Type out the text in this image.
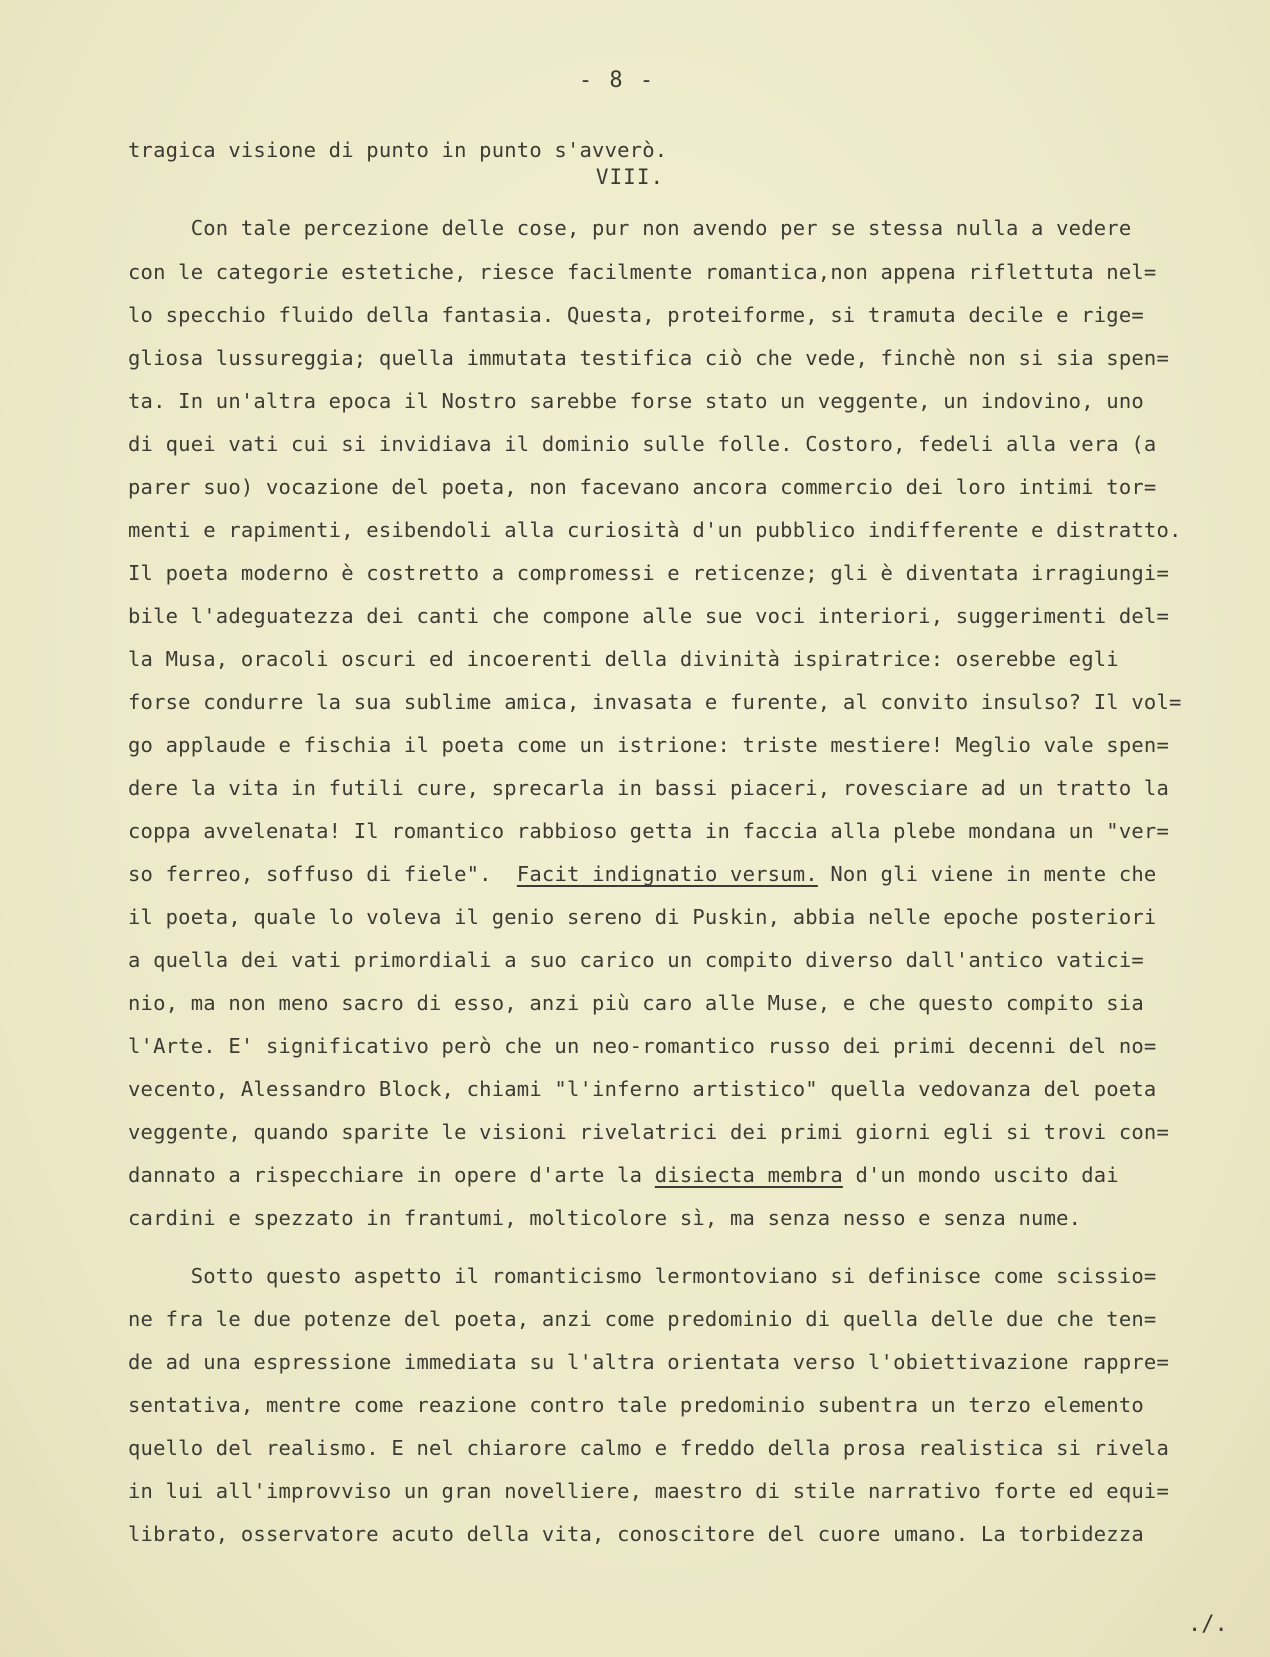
- 8 -
VIII.
tragica visione di punto in punto s'avverò.
Con tale percezione delle cose, pur non avendo per se stessa nulla a vedere
con le categorie estetiche, riesce facilmente romantica,non appena riflettuta nel=
lo specchio fluido della fantasia. Questa, proteiforme, si tramuta decile e rige=
gliosa lussureggia; quella immutata testifica ciò che vede, finchè non si sia spen=
ta. In un'altra epoca il Nostro sarebbe forse stato un veggente, un indovino, uno
di quei vati cui si invidiava il dominio sulle folle. Costoro, fedeli alla vera (a
parer suo) vocazione del poeta, non facevano ancora commercio dei loro intimi tor=
menti e rapimenti, esibendoli alla curiosità d'un pubblico indifferente e distratto.
Il poeta moderno è costretto a compromessi e reticenze; gli è diventata irragiungi=
bile l'adeguatezza dei canti che compone alle sue voci interiori, suggerimenti del=
la Musa, oracoli oscuri ed incoerenti della divinità ispiratrice: oserebbe egli
forse condurre la sua sublime amica, invasata e furente, al convito insulso? Il vol=
go applaude e fischia il poeta come un istrione: triste mestiere! Meglio vale spen=
dere la vita in futili cure, sprecarla in bassi piaceri, rovesciare ad un tratto la
coppa avvelenata! Il romantico rabbioso getta in faccia alla plebe mondana un "ver=
so ferreo, soffuso di fiele".  Facit indignatio versum. Non gli viene in mente che
il poeta, quale lo voleva il genio sereno di Puskin, abbia nelle epoche posteriori
a quella dei vati primordiali a suo carico un compito diverso dall'antico vatici=
nio, ma non meno sacro di esso, anzi più caro alle Muse, e che questo compito sia
l'Arte. E' significativo però che un neo-romantico russo dei primi decenni del no=
vecento, Alessandro Block, chiami "l'inferno artistico" quella vedovanza del poeta
veggente, quando sparite le visioni rivelatrici dei primi giorni egli si trovi con=
dannato a rispecchiare in opere d'arte la disiecta membra d'un mondo uscito dai
cardini e spezzato in frantumi, molticolore sì, ma senza nesso e senza nume.
Sotto questo aspetto il romanticismo lermontoviano si definisce come scissio=
ne fra le due potenze del poeta, anzi come predominio di quella delle due che ten=
de ad una espressione immediata su l'altra orientata verso l'obiettivazione rappre=
sentativa, mentre come reazione contro tale predominio subentra un terzo elemento
quello del realismo. E nel chiarore calmo e freddo della prosa realistica si rivela
in lui all'improvviso un gran novelliere, maestro di stile narrativo forte ed equi=
librato, osservatore acuto della vita, conoscitore del cuore umano. La torbidezza
./.
